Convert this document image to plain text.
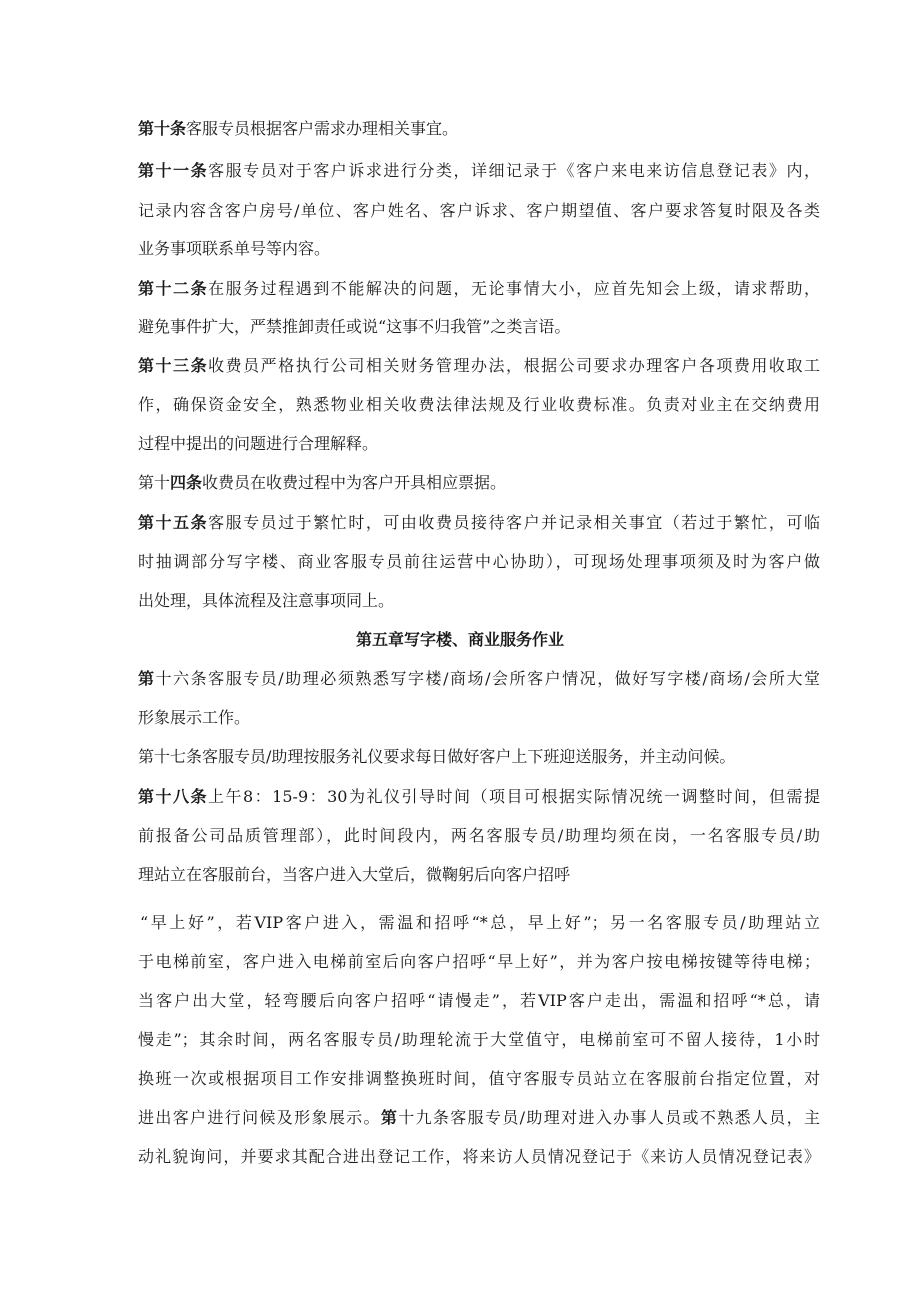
第十条客服专员根据客户需求办理相关事宜。
第十一条客服专员对于客户诉求进行分类，详细记录于《客户来电来访信息登记表》内，
记录内容含客户房号/单位、客户姓名、客户诉求、客户期望值、客户要求答复时限及各类
业务事项联系单号等内容。
第十二条在服务过程遇到不能解决的问题，无论事情大小，应首先知会上级，请求帮助，
避免事件扩大，严禁推卸责任或说“这事不归我管”之类言语。
第十三条收费员严格执行公司相关财务管理办法，根据公司要求办理客户各项费用收取工
作，确保资金安全，熟悉物业相关收费法律法规及行业收费标准。负责对业主在交纳费用
过程中提出的问题进行合理解释。
第十四条收费员在收费过程中为客户开具相应票据。
第十五条客服专员过于繁忙时，可由收费员接待客户并记录相关事宜（若过于繁忙，可临
时抽调部分写字楼、商业客服专员前往运营中心协助），可现场处理事项须及时为客户做
出处理，具体流程及注意事项同上。
第五章写字楼、商业服务作业
第十六条客服专员/助理必须熟悉写字楼/商场/会所客户情况，做好写字楼/商场/会所大堂
形象展示工作。
第十七条客服专员/助理按服务礼仪要求每日做好客户上下班迎送服务，并主动问候。
第十八条上午8：15-9：30为礼仪引导时间（项目可根据实际情况统一调整时间，但需提
前报备公司品质管理部），此时间段内，两名客服专员/助理均须在岗，一名客服专员/助
理站立在客服前台，当客户进入大堂后，微鞠躬后向客户招呼
“早上好”，若VIP客户进入，需温和招呼“*总，早上好”；另一名客服专员/助理站立
于电梯前室，客户进入电梯前室后向客户招呼“早上好”，并为客户按电梯按键等待电梯；
当客户出大堂，轻弯腰后向客户招呼“请慢走”，若VIP客户走出，需温和招呼“*总，请
慢走”；其余时间，两名客服专员/助理轮流于大堂值守，电梯前室可不留人接待，1小时
换班一次或根据项目工作安排调整换班时间，值守客服专员站立在客服前台指定位置，对
进出客户进行问候及形象展示。第十九条客服专员/助理对进入办事人员或不熟悉人员，主
动礼貌询问，并要求其配合进出登记工作，将来访人员情况登记于《来访人员情况登记表》
